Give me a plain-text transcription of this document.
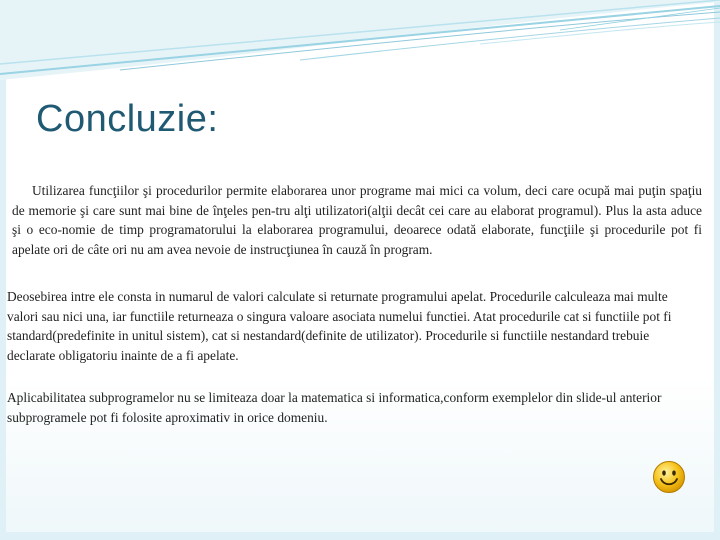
Concluzie:
Utilizarea funcţiilor şi procedurilor permite elaborarea unor programe mai mici ca volum, deci care ocupă mai puţin spaţiu de memorie şi care sunt mai bine de înţeles pen-tru alţi utilizatori(alţii decât cei care au elaborat programul). Plus la asta aduce şi o eco-nomie de timp programatorului la elaborarea programului, deoarece odată elaborate, funcţiile şi procedurile pot fi apelate ori de câte ori nu am avea nevoie de instrucţiunea în cauză în program.
Deosebirea intre ele consta in numarul de valori calculate si returnate programului apelat. Procedurile calculeaza mai multe valori sau nici una, iar functiile returneaza o singura valoare asociata numelui functiei. Atat procedurile cat si functiile pot fi standard(predefinite in unitul sistem), cat si nestandard(definite de utilizator). Procedurile si functiile nestandard trebuie declarate obligatoriu inainte de a fi apelate.
Aplicabilitatea subprogramelor nu se limiteaza doar la matematica si informatica,conform exemplelor din slide-ul anterior subprogramele pot fi folosite aproximativ in orice domeniu.
